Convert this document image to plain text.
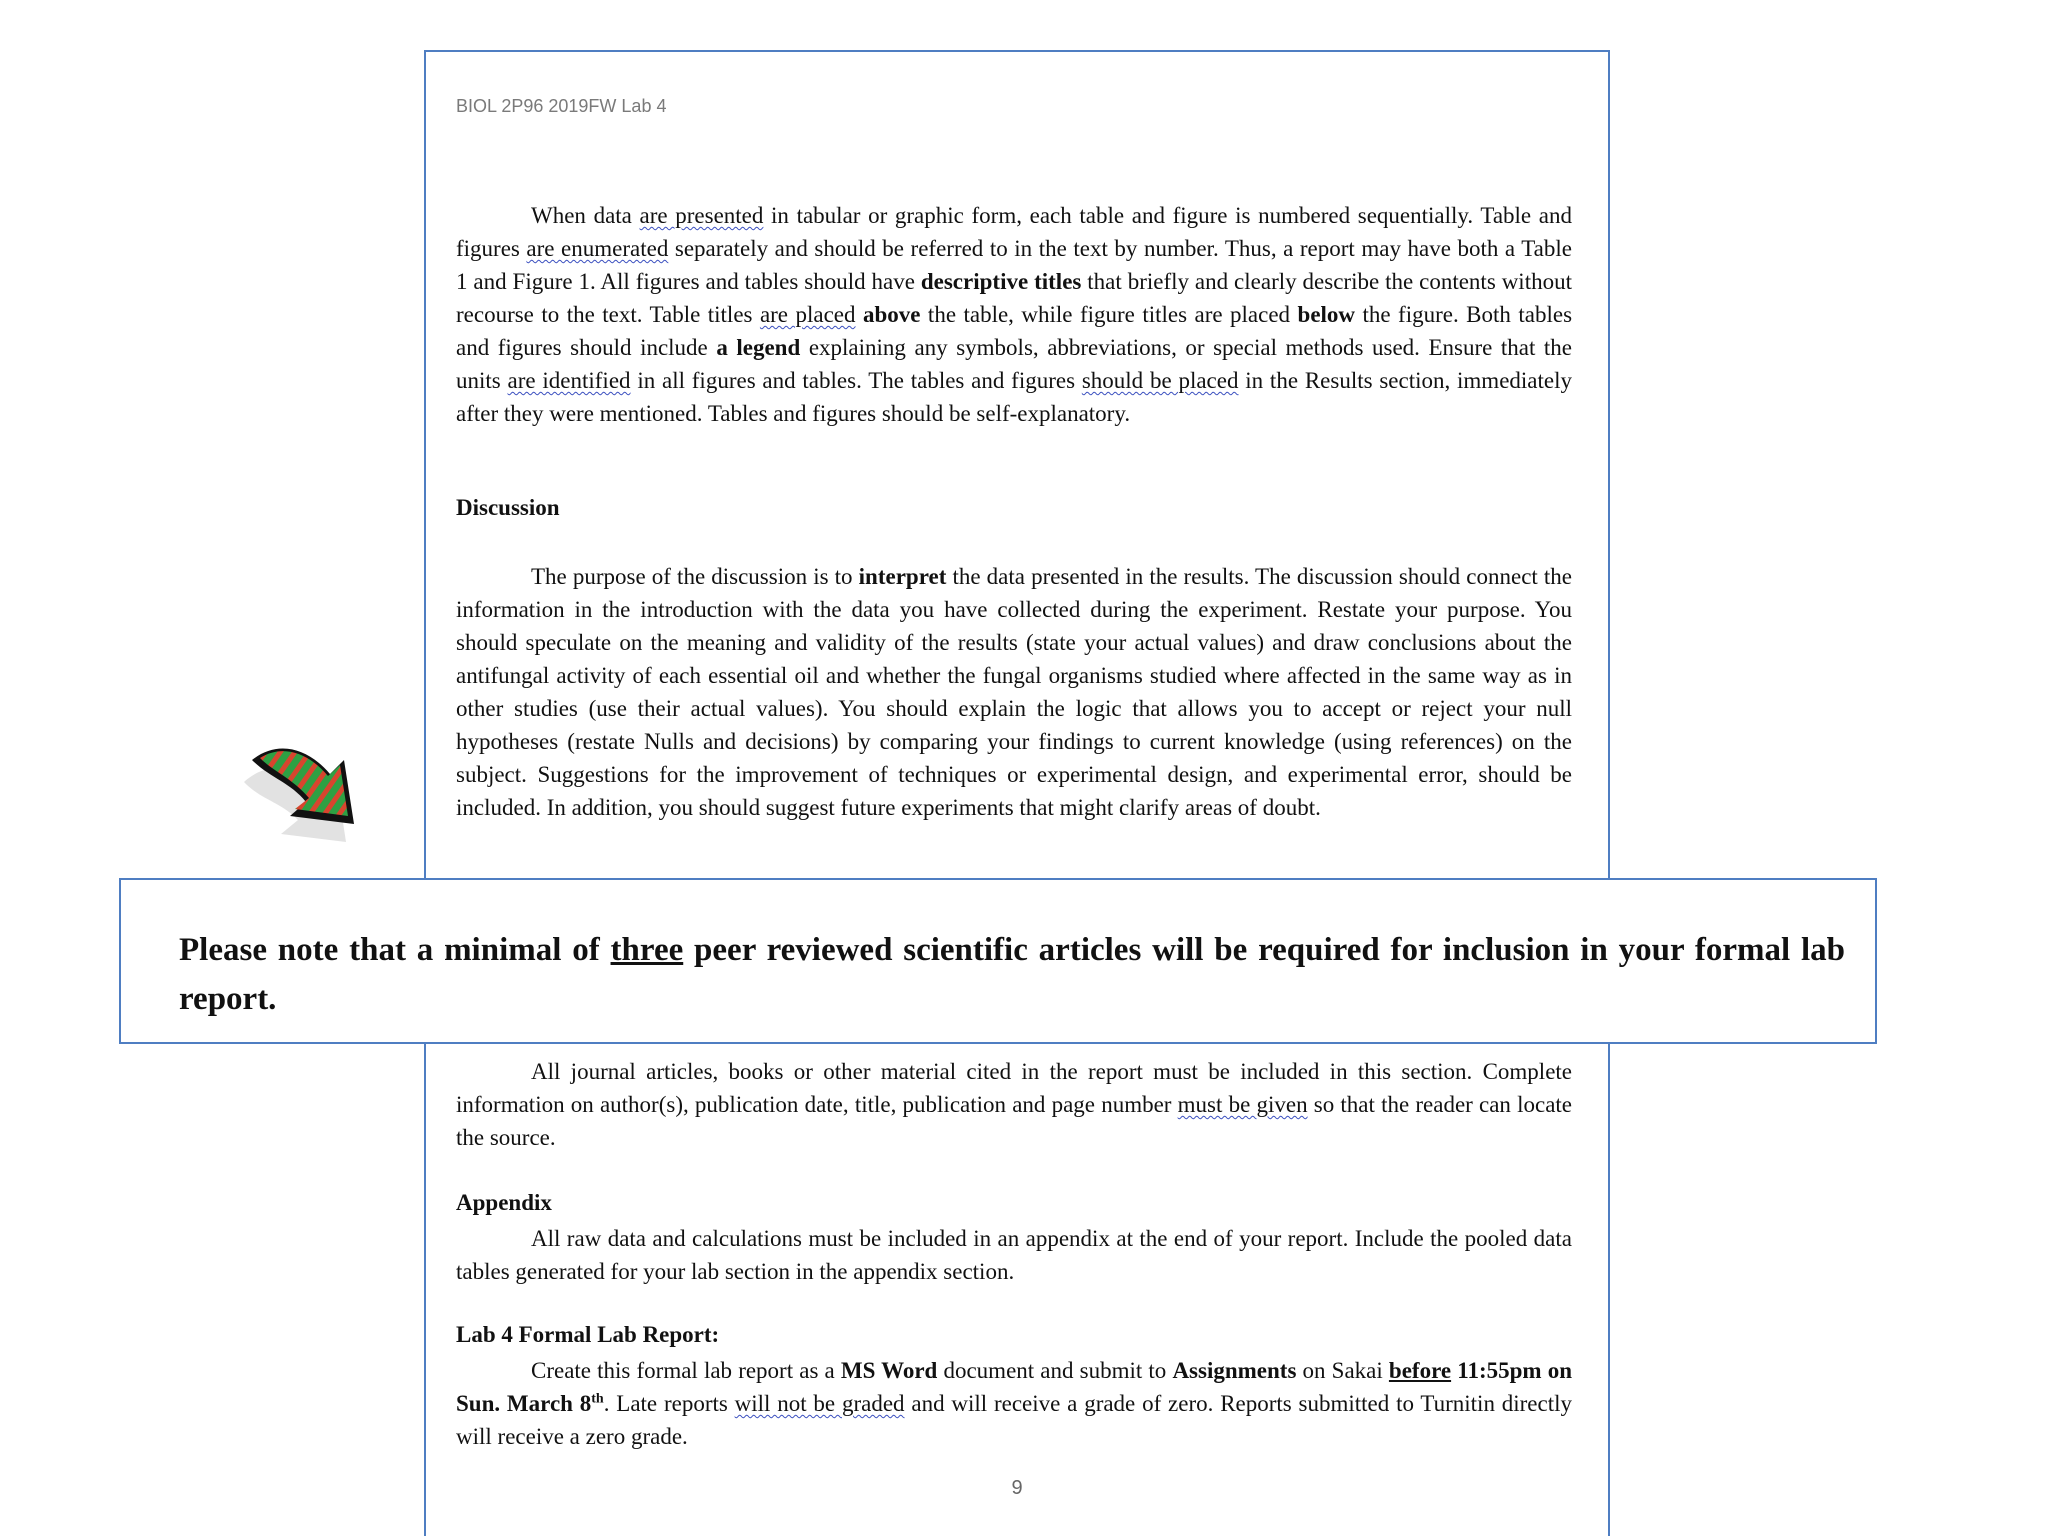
BIOL 2P96 2019FW Lab 4
When data are presented in tabular or graphic form, each table and figure is numbered sequentially. Table and figures are enumerated separately and should be referred to in the text by number. Thus, a report may have both a Table 1 and Figure 1. All figures and tables should have descriptive titles that briefly and clearly describe the contents without recourse to the text. Table titles are placed above the table, while figure titles are placed below the figure. Both tables and figures should include a legend explaining any symbols, abbreviations, or special methods used. Ensure that the units are identified in all figures and tables. The tables and figures should be placed in the Results section, immediately after they were mentioned. Tables and figures should be self-explanatory.
Discussion
The purpose of the discussion is to interpret the data presented in the results. The discussion should connect the information in the introduction with the data you have collected during the experiment. Restate your purpose. You should speculate on the meaning and validity of the results (state your actual values) and draw conclusions about the antifungal activity of each essential oil and whether the fungal organisms studied where affected in the same way as in other studies (use their actual values). You should explain the logic that allows you to accept or reject your null hypotheses (restate Nulls and decisions) by comparing your findings to current knowledge (using references) on the subject. Suggestions for the improvement of techniques or experimental design, and experimental error, should be included. In addition, you should suggest future experiments that might clarify areas of doubt.
All journal articles, books or other material cited in the report must be included in this section. Complete information on author(s), publication date, title, publication and page number must be given so that the reader can locate the source.
Appendix
All raw data and calculations must be included in an appendix at the end of your report. Include the pooled data tables generated for your lab section in the appendix section.
Lab 4 Formal Lab Report:
Create this formal lab report as a MS Word document and submit to Assignments on Sakai before 11:55pm on Sun. March 8th. Late reports will not be graded and will receive a grade of zero. Reports submitted to Turnitin directly will receive a zero grade.
9
Please note that a minimal of three peer reviewed scientific articles will be required for inclusion in your formal lab report.
